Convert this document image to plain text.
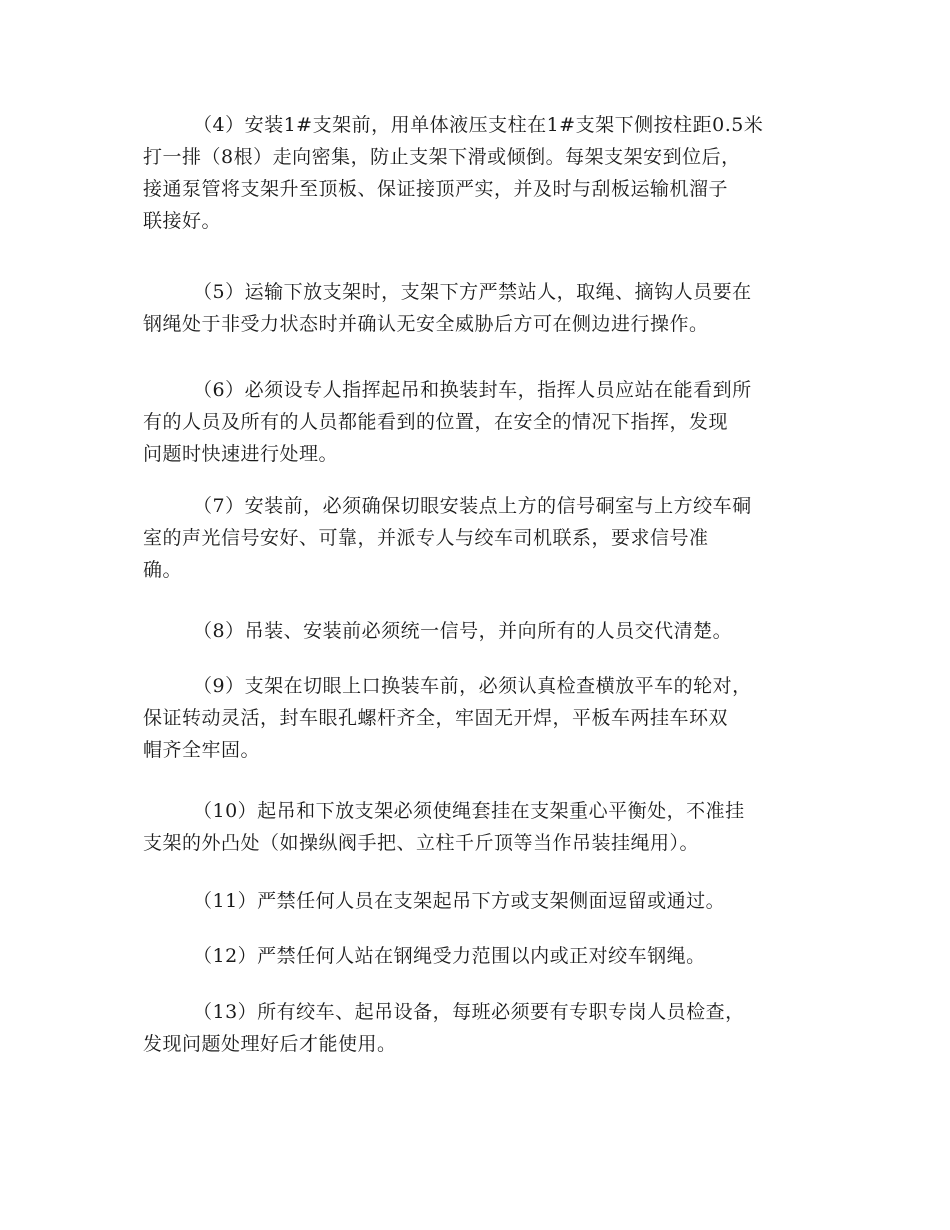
（4）安装1#支架前，用单体液压支柱在1#支架下侧按柱距0.5米
打一排（8根）走向密集，防止支架下滑或倾倒。每架支架安到位后，
接通泵管将支架升至顶板、保证接顶严实，并及时与刮板运输机溜子
联接好。
（5）运输下放支架时，支架下方严禁站人，取绳、摘钩人员要在
钢绳处于非受力状态时并确认无安全威胁后方可在侧边进行操作。
（6）必须设专人指挥起吊和换装封车，指挥人员应站在能看到所
有的人员及所有的人员都能看到的位置，在安全的情况下指挥，发现
问题时快速进行处理。
（7）安装前，必须确保切眼安装点上方的信号硐室与上方绞车硐
室的声光信号安好、可靠，并派专人与绞车司机联系，要求信号准
确。
（8）吊装、安装前必须统一信号，并向所有的人员交代清楚。
（9）支架在切眼上口换装车前，必须认真检查横放平车的轮对，
保证转动灵活，封车眼孔螺杆齐全，牢固无开焊，平板车两挂车环双
帽齐全牢固。
（10）起吊和下放支架必须使绳套挂在支架重心平衡处，不准挂
支架的外凸处（如操纵阀手把、立柱千斤顶等当作吊装挂绳用）。
（11）严禁任何人员在支架起吊下方或支架侧面逗留或通过。
（12）严禁任何人站在钢绳受力范围以内或正对绞车钢绳。
（13）所有绞车、起吊设备，每班必须要有专职专岗人员检查，
发现问题处理好后才能使用。
